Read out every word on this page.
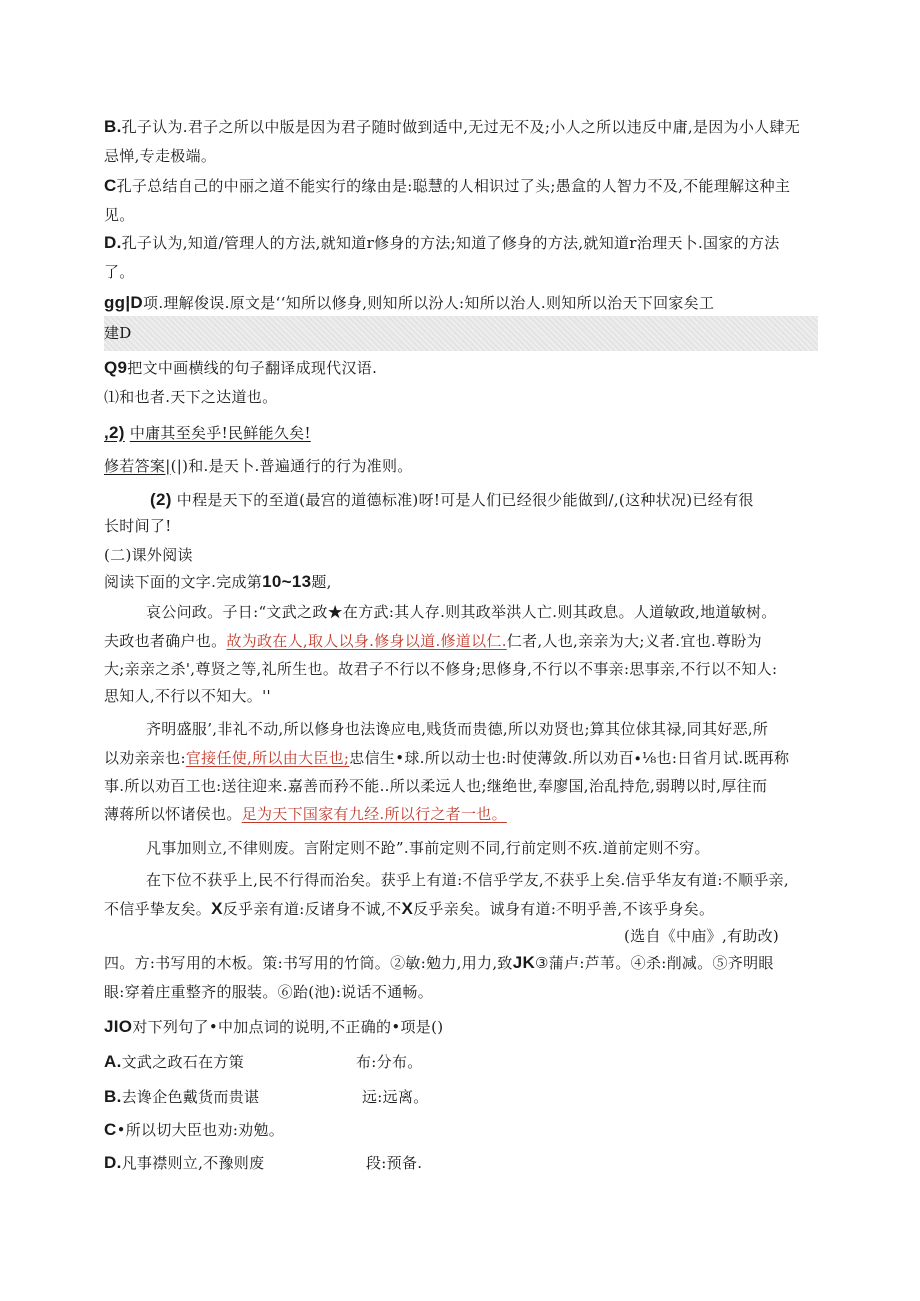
B.孔子认为.君子之所以中版是因为君子随时做到适中,无过无不及;小人之所以违反中庸,是因为小人肆无
忌惮,专走极端。
C孔子总结自己的中丽之道不能实行的缘由是:聪慧的人相识过了头;愚盒的人智力不及,不能理解这种主
见。
D.孔子认为,知道/管理人的方法,就知道r修身的方法;知道了修身的方法,就知道r治理天卜.国家的方法
了。
gg|D项.理解俊误.原文是‘‘知所以修身,则知所以汾人:知所以治人.则知所以治天下回家矣工
建D
Q9把文中画横线的句子翻译成现代汉语.
⑴和也者.天下之达道也。
,2) 中庸其至矣乎!民鲜能久矣!
修若答案|(|)和.是天卜.普遍通行的行为准则。
(2) 中程是天下的至道(最宫的道德标准)呀!可是人们已经很少能做到/,(这种状况)已经有很
长时间了!
(二)课外阅读
阅读下面的文字.完成第10~13题,
哀公问政。子日:“文武之政★在方武:其人存.则其政举洪人亡.则其政息。人道敏政,地道敏树。
夫政也者确户也。故为政在人,取人以身.修身以道.修道以仁.仁者,人也,亲亲为大;义者.宜也.尊盼为
大;亲亲之杀',尊贤之等,礼所生也。故君子不行以不修身;思修身,不行以不事亲:思事亲,不行以不知人:
思知人,不行以不知大。''
齐明盛服’,非礼不动,所以修身也法谗应电,贱货而贵德,所以劝贤也;算其位俅其禄,同其好恶,所
以劝亲亲也:官接任使,所以由大臣也;忠信生•球.所以动士也:时使薄敛.所以劝百∙⅛也:日省月试.既再称
事.所以劝百工也:送往迎来.嘉善而矜不能..所以柔远人也;继绝世,奉廖国,治乱持危,弱聘以时,厚往而
薄蒋所以怀诸侯也。足为天下国家有九经.所以行之者一也。
凡事加则立,不律则废。言附定则不跄”.事前定则不同,行前定则不疚.道前定则不穷。
在下位不获乎上,民不行得而治矣。获乎上有道:不信乎学友,不获乎上矣.信乎华友有道:不顺乎亲,
不信乎挚友矣。X反乎亲有道:反诸身不诚,不X反乎亲矣。诚身有道:不明乎善,不该乎身矣。
(选自《中庙》,有助改)
四。方:书写用的木板。策:书写用的竹筒。②敏:勉力,用力,致JK③蒲卢:芦苇。④杀:削减。⑤齐明眼
眼:穿着庄重整齐的服装。⑥跆(池):说话不通畅。
JIO对下列句了•中加点词的说明,不正确的•项是()
A.文武之政石在方策	布:分布。
B.去谗企色戴货而贵谌	远:远离。
C•所以切大臣也劝:劝勉。
D.凡事襟则立,不豫则废	段:预备.
